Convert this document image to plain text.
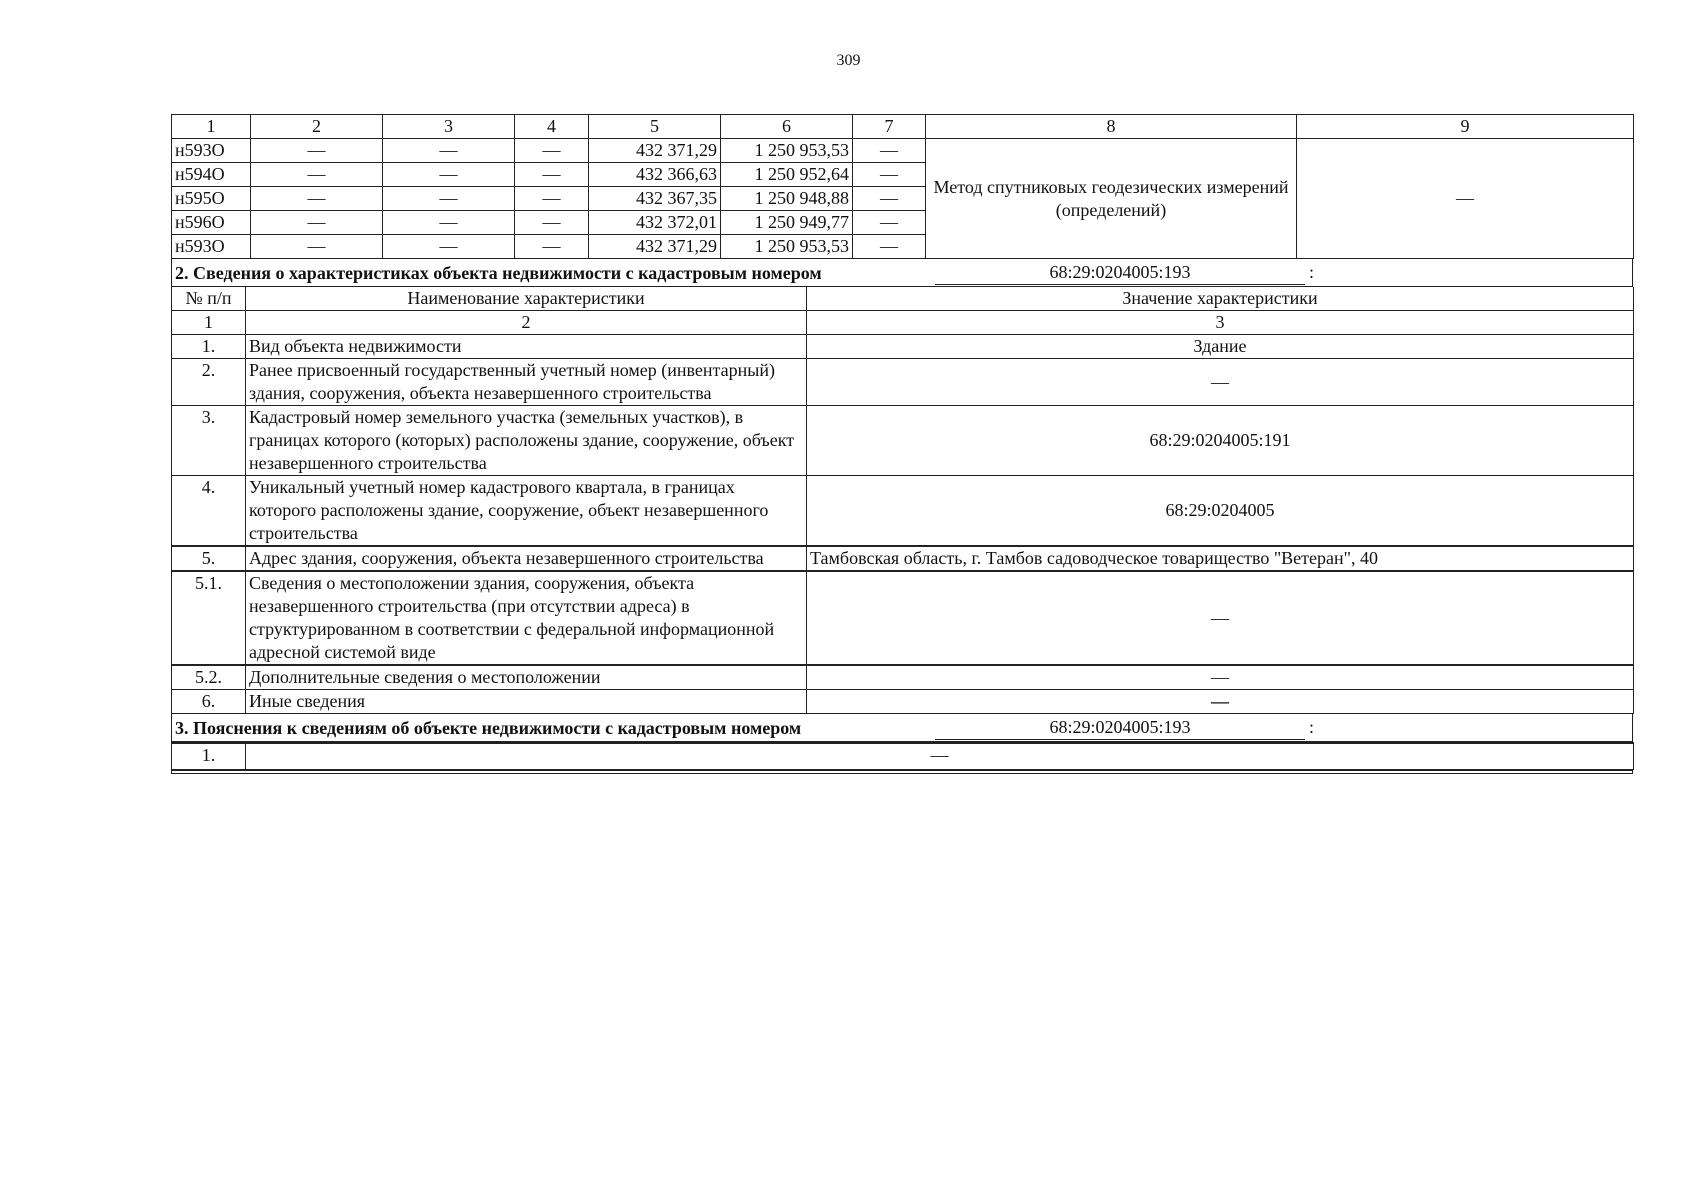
309
1	2	3	4	5	6	7	8	9
н593О	—	—	—	432 371,29	1 250 953,53	—	Метод спутниковых геодезических измерений (определений)	—
н594О	—	—	—	432 366,63	1 250 952,64	—		
н595О	—	—	—	432 367,35	1 250 948,88	—		
н596О	—	—	—	432 372,01	1 250 949,77	—		
н593О	—	—	—	432 371,29	1 250 953,53	—		
2. Сведения о характеристиках объекта недвижимости с кадастровым номером	68:29:0204005:193	:
№ п/п	Наименование характеристики	Значение характеристики
1	2	3
1.	Вид объекта недвижимости	Здание
2.	Ранее присвоенный государственный учетный номер (инвентарный) здания, сооружения, объекта незавершенного строительства	—
3.	Кадастровый номер земельного участка (земельных участков), в границах которого (которых) расположены здание, сооружение, объект незавершенного строительства	68:29:0204005:191
4.	Уникальный учетный номер кадастрового квартала, в границах которого расположены здание, сооружение, объект незавершенного строительства	68:29:0204005
5.	Адрес здания, сооружения, объекта незавершенного строительства	Тамбовская область, г. Тамбов садоводческое товарищество "Ветеран", 40
5.1.	Сведения о местоположении здания, сооружения, объекта незавершенного строительства (при отсутствии адреса) в структурированном в соответствии с федеральной информационной адресной системой виде	—
5.2.	Дополнительные сведения о местоположении	—
6.	Иные сведения	—
3. Пояснения к сведениям об объекте недвижимости с кадастровым номером	68:29:0204005:193	:
1.	—
